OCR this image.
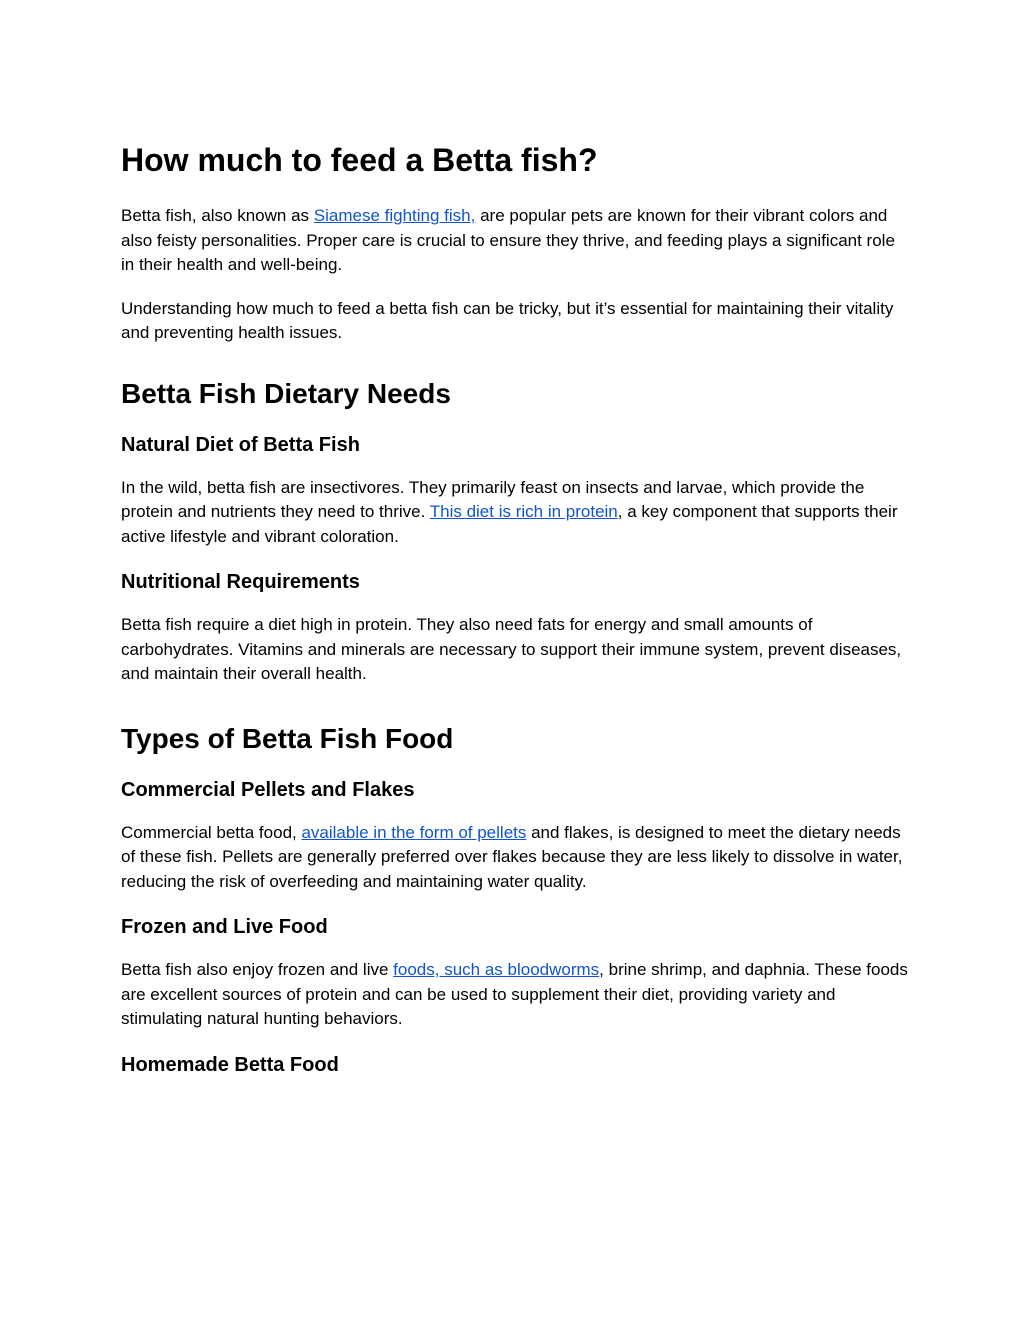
How much to feed a Betta fish?

Betta fish, also known as Siamese fighting fish, are popular pets are known for their vibrant colors and also feisty personalities. Proper care is crucial to ensure they thrive, and feeding plays a significant role in their health and well-being.

Understanding how much to feed a betta fish can be tricky, but it’s essential for maintaining their vitality and preventing health issues.

Betta Fish Dietary Needs
Natural Diet of Betta Fish

In the wild, betta fish are insectivores. They primarily feast on insects and larvae, which provide the protein and nutrients they need to thrive. This diet is rich in protein, a key component that supports their active lifestyle and vibrant coloration.

Nutritional Requirements

Betta fish require a diet high in protein. They also need fats for energy and small amounts of carbohydrates. Vitamins and minerals are necessary to support their immune system, prevent diseases, and maintain their overall health.

Types of Betta Fish Food
Commercial Pellets and Flakes

Commercial betta food, available in the form of pellets and flakes, is designed to meet the dietary needs of these fish. Pellets are generally preferred over flakes because they are less likely to dissolve in water, reducing the risk of overfeeding and maintaining water quality.

Frozen and Live Food

Betta fish also enjoy frozen and live foods, such as bloodworms, brine shrimp, and daphnia. These foods are excellent sources of protein and can be used to supplement their diet, providing variety and stimulating natural hunting behaviors.

Homemade Betta Food
